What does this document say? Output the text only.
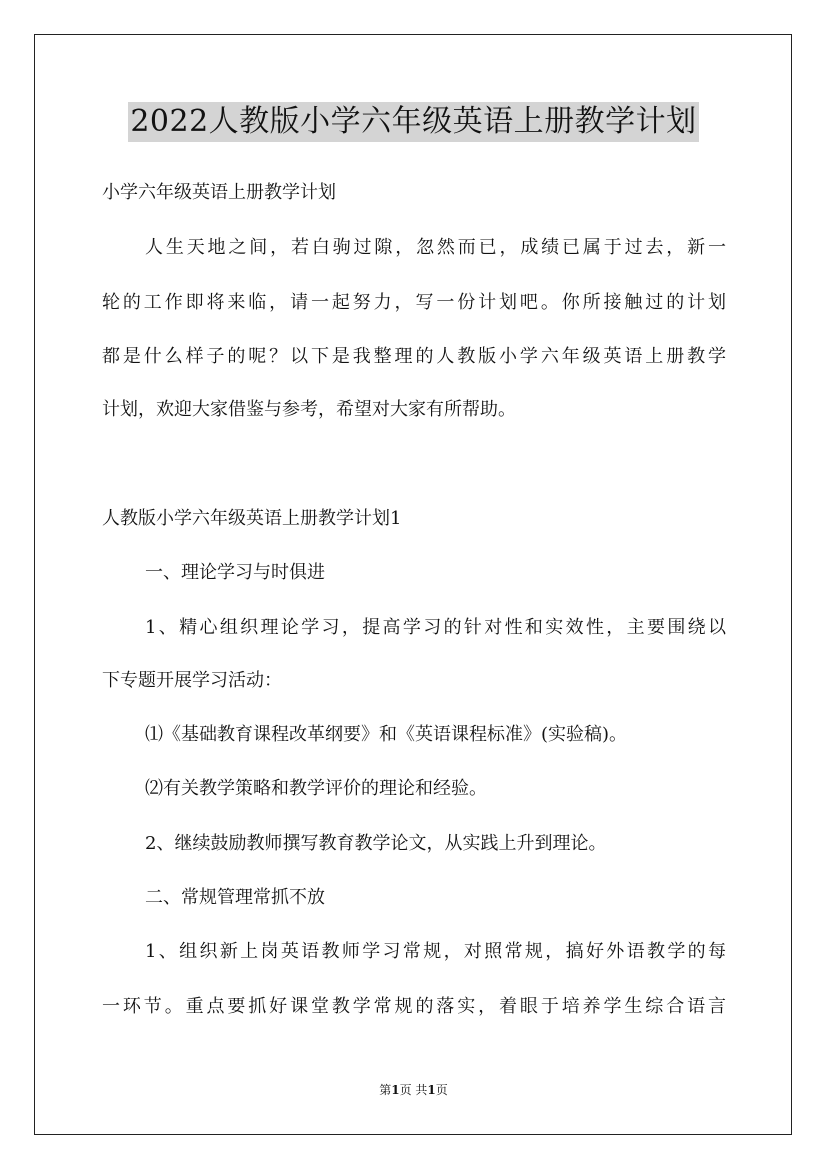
2022人教版小学六年级英语上册教学计划
小学六年级英语上册教学计划
人生天地之间，若白驹过隙，忽然而已，成绩已属于过去，新一
轮的工作即将来临，请一起努力，写一份计划吧。你所接触过的计划
都是什么样子的呢？以下是我整理的人教版小学六年级英语上册教学
计划，欢迎大家借鉴与参考，希望对大家有所帮助。
人教版小学六年级英语上册教学计划1
一、理论学习与时俱进
1、精心组织理论学习，提高学习的针对性和实效性，主要围绕以
下专题开展学习活动：
⑴《基础教育课程改革纲要》和《英语课程标准》(实验稿)。
⑵有关教学策略和教学评价的理论和经验。
2、继续鼓励教师撰写教育教学论文，从实践上升到理论。
二、常规管理常抓不放
1、组织新上岗英语教师学习常规，对照常规，搞好外语教学的每
一环节。重点要抓好课堂教学常规的落实，着眼于培养学生综合语言
第1页 共1页
